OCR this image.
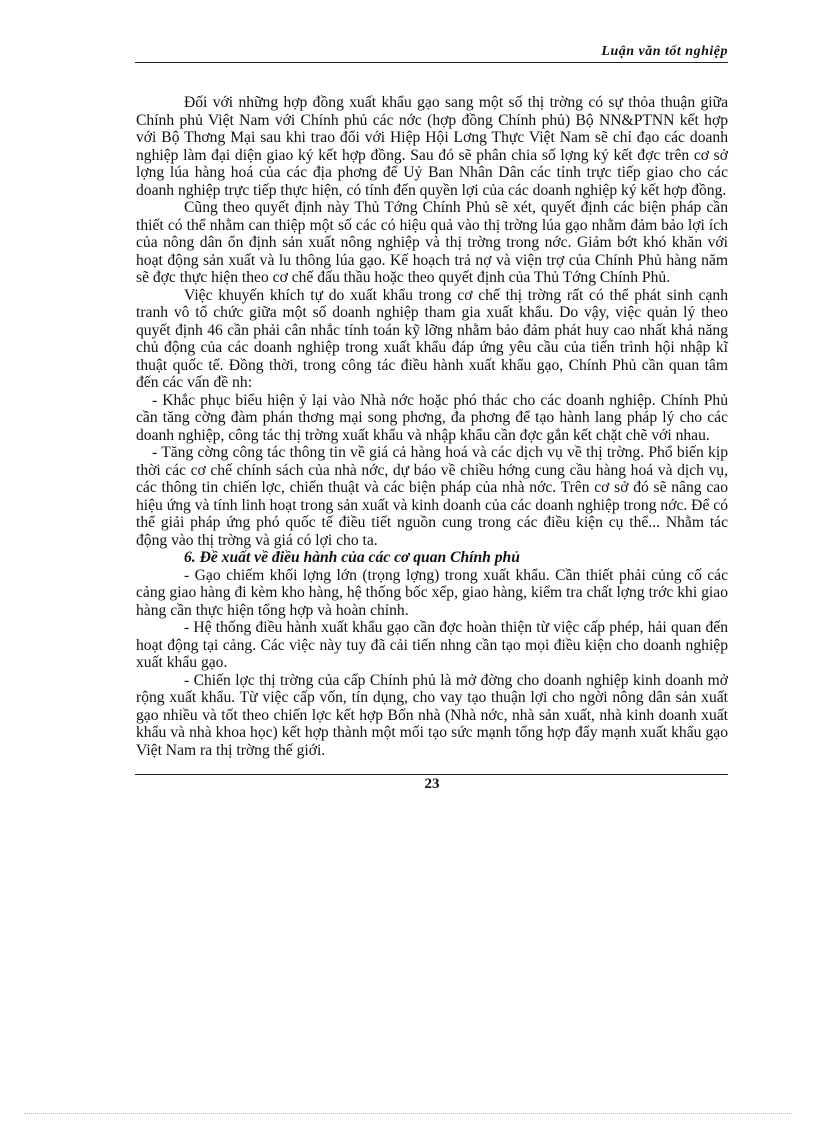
Luận văn tốt nghiệp

Đối với những hợp đồng xuất khẩu gạo sang một số thị trờng có sự thỏa thuận giữa Chính phủ Việt Nam với Chính phủ các nớc (hợp đồng Chính phủ) Bộ NN&PTNN kết hợp với Bộ Thơng Mại sau khi trao đổi với Hiệp Hội Lơng Thực Việt Nam sẽ chỉ đạo các doanh nghiệp làm đại diện giao ký kết hợp đồng. Sau đó sẽ phân chia số lợng ký kết đợc trên cơ sở lợng lúa hàng hoá của các địa phơng để Uỷ Ban Nhân Dân các tỉnh trực tiếp giao cho các doanh nghiệp trực tiếp thực hiện, có tính đến quyền lợi của các doanh nghiệp ký kết hợp đồng.

Cũng theo quyết định này Thủ Tớng Chính Phủ sẽ xét, quyết định các biện pháp cần thiết có thể nhằm can thiệp một số các có hiệu quả vào thị trờng lúa gạo nhằm đảm bảo lợi ích của nông dân ổn định sản xuất nông nghiệp và thị trờng trong nớc. Giảm bớt khó khăn với hoạt động sản xuất và lu thông lúa gạo. Kế hoạch trả nợ và viện trợ của Chính Phủ hàng năm sẽ đợc thực hiện theo cơ chế đấu thầu hoặc theo quyết định của Thủ Tớng Chính Phủ.

Việc khuyến khích tự do xuất khẩu trong cơ chế thị trờng rất có thể phát sinh cạnh tranh vô tổ chức giữa một số doanh nghiệp tham gia xuất khẩu. Do vậy, việc quản lý theo quyết định 46 cần phải cân nhắc tính toán kỹ lỡng nhằm bảo đảm phát huy cao nhất khả năng chủ động của các doanh nghiệp trong xuất khẩu đáp ứng yêu cầu của tiến trình hội nhập kĩ thuật quốc tế. Đồng thời, trong công tác điều hành xuất khẩu gạo, Chính Phủ cần quan tâm đến các vấn đề nh:

- Khắc phục biểu hiện ỷ lại vào Nhà nớc hoặc phó thác cho các doanh nghiệp. Chính Phủ cần tăng cờng đàm phán thơng mại song phơng, đa phơng để tạo hành lang pháp lý cho các doanh nghiệp, công tác thị trờng xuất khẩu và nhập khẩu cần đợc gắn kết chặt chẽ với nhau.

- Tăng cờng công tác thông tin về giá cả hàng hoá và các dịch vụ về thị trờng. Phổ biến kịp thời các cơ chế chính sách của nhà nớc, dự báo về chiều hớng cung cầu hàng hoá và dịch vụ, các thông tin chiến lợc, chiến thuật và các biện pháp của nhà nớc. Trên cơ sở đó sẽ nâng cao hiệu ứng và tính linh hoạt trong sản xuất và kinh doanh của các doanh nghiệp trong nớc. Để có thể giải pháp ứng phó quốc tế điều tiết nguồn cung trong các điều kiện cụ thể... Nhằm tác động vào thị trờng và giá có lợi cho ta.

6. Đề xuất về điều hành của các cơ quan Chính phủ

- Gạo chiếm khối lợng lớn (trọng lợng) trong xuất khẩu. Cần thiết phải củng cố các cảng giao hàng đi kèm kho hàng, hệ thống bốc xếp, giao hàng, kiểm tra chất lợng trớc khi giao hàng cần thực hiện tổng hợp và hoàn chỉnh.

- Hệ thống điều hành xuất khẩu gạo cần đợc hoàn thiện từ việc cấp phép, hải quan đến hoạt động tại cảng. Các việc này tuy đã cải tiến nhng cần tạo mọi điều kiện cho doanh nghiệp xuất khẩu gạo.

- Chiến lợc thị trờng của cấp Chính phủ là mở đờng cho doanh nghiệp kinh doanh mở rộng xuất khẩu. Từ việc cấp vốn, tín dụng, cho vay tạo thuận lợi cho ngời nông dân sản xuất gạo nhiều và tốt theo chiến lợc kết hợp Bốn nhà (Nhà nớc, nhà sản xuất, nhà kinh doanh xuất khẩu và nhà khoa học) kết hợp thành một mối tạo sức mạnh tổng hợp đẩy mạnh xuất khẩu gạo Việt Nam ra thị trờng thế giới.

23
